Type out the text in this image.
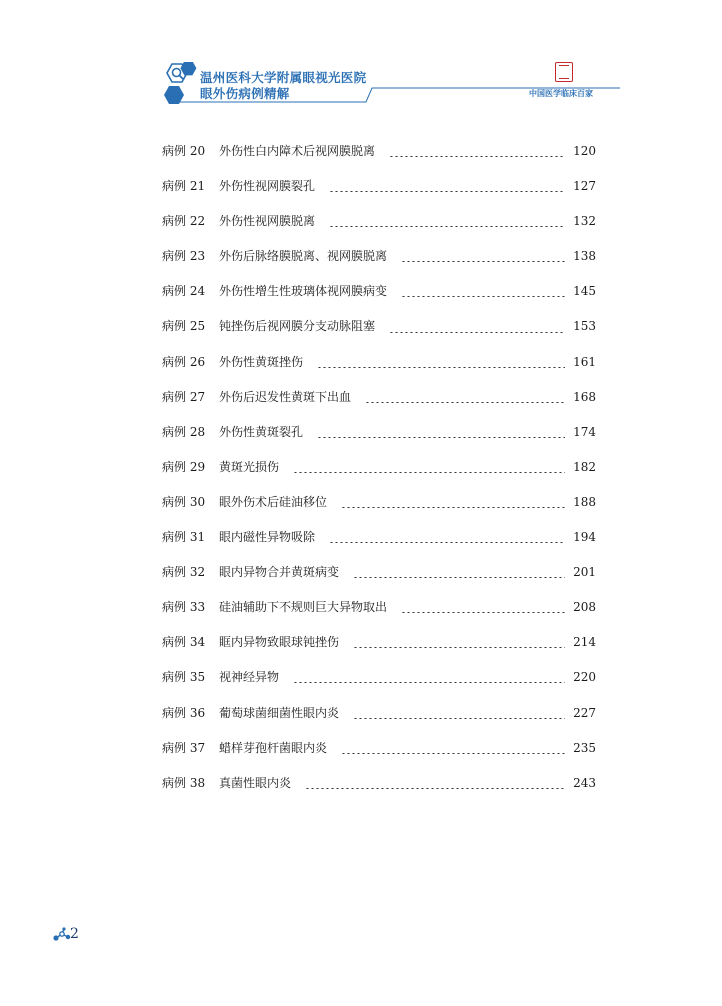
温州医科大学附属眼视光医院
眼外伤病例精解	中国医学临床百家
病例 20	外伤性白内障术后视网膜脱离	120
病例 21	外伤性视网膜裂孔	127
病例 22	外伤性视网膜脱离	132
病例 23	外伤后脉络膜脱离、视网膜脱离	138
病例 24	外伤性增生性玻璃体视网膜病变	145
病例 25	钝挫伤后视网膜分支动脉阻塞	153
病例 26	外伤性黄斑挫伤	161
病例 27	外伤后迟发性黄斑下出血	168
病例 28	外伤性黄斑裂孔	174
病例 29	黄斑光损伤	182
病例 30	眼外伤术后硅油移位	188
病例 31	眼内磁性异物吸除	194
病例 32	眼内异物合并黄斑病变	201
病例 33	硅油辅助下不规则巨大异物取出	208
病例 34	眶内异物致眼球钝挫伤	214
病例 35	视神经异物	220
病例 36	葡萄球菌细菌性眼内炎	227
病例 37	蜡样芽孢杆菌眼内炎	235
病例 38	真菌性眼内炎	243
2
